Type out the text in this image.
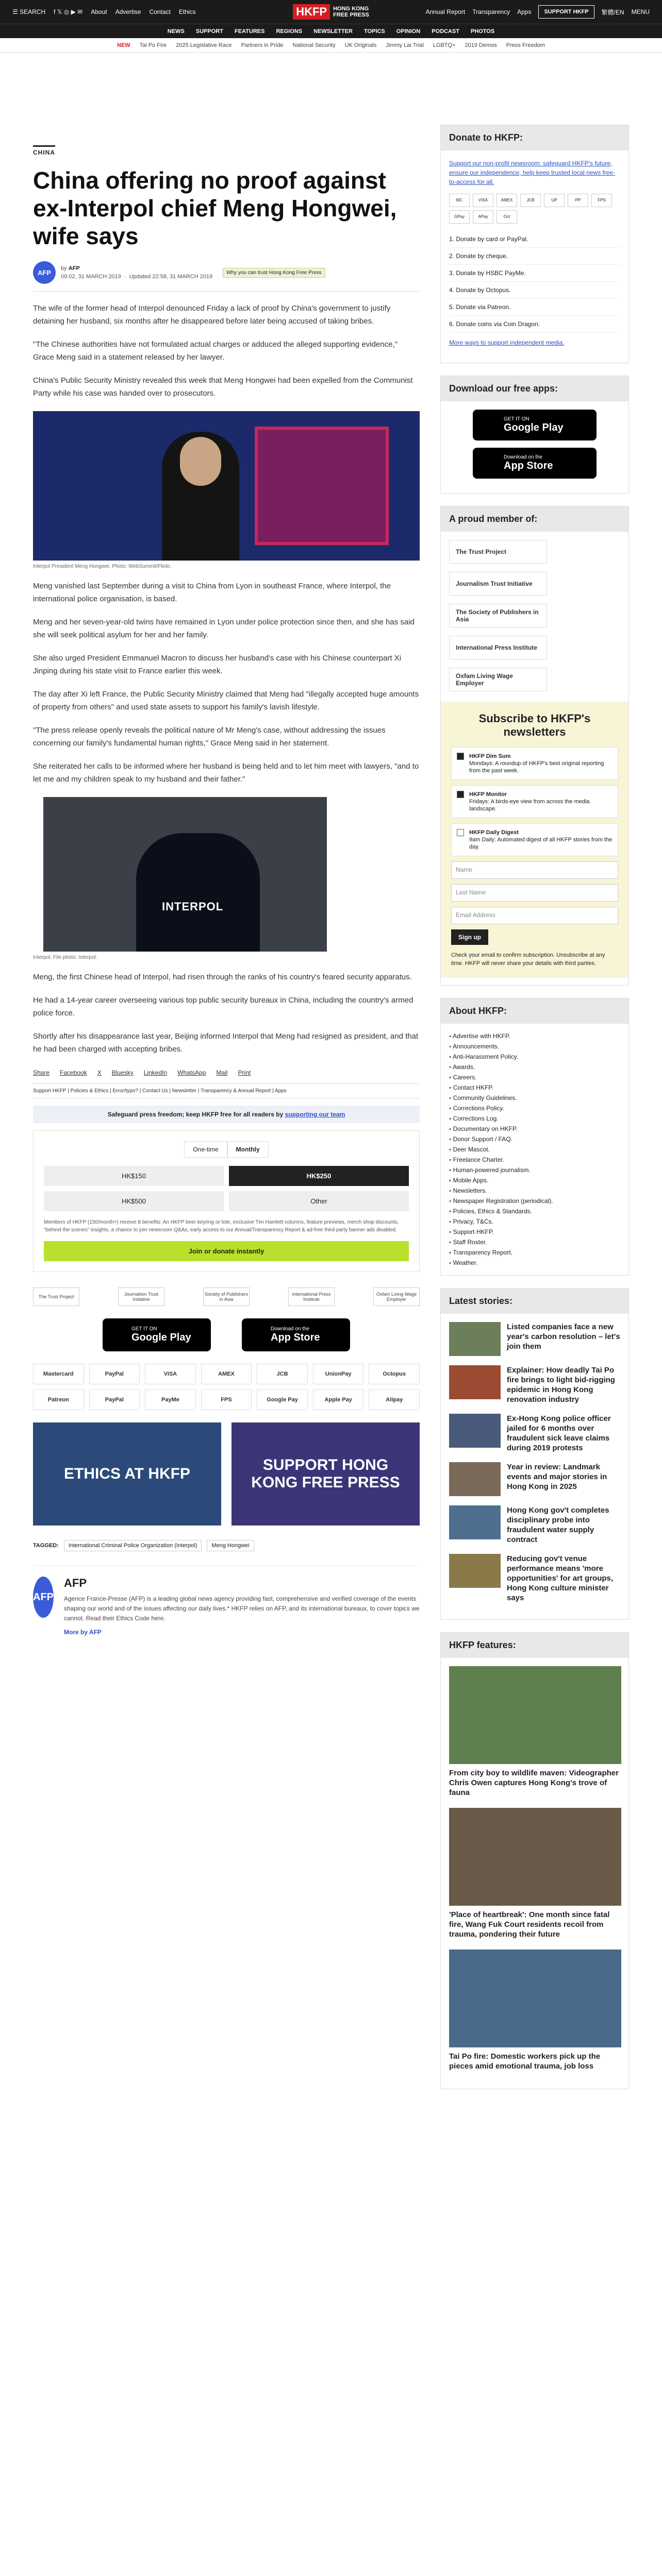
☰ SEARCH f 𝕏 ◎ ▶ ✉ About Advertise Contact Ethics	HKFP	HONG KONG
FREE PRESS	Annual Report Transparency Apps	SUPPORT HKFP	繁體/EN MENU
NEWS SUPPORT FEATURES REGIONS NEWSLETTER TOPICS OPINION PODCAST PHOTOS
NEW Tai Po Fire 2025 Legislative Race Partners in Pride National Security UK Originals Jimmy Lai Trial LGBTQ+ 2019 Demos Press Freedom
CHINA
China offering no proof against ex-Interpol chief Meng Hongwei, wife says
AFP
by AFP
09:02, 31 MARCH 2019  ·  Updated 22:58, 31 MARCH 2019
Why you can trust Hong Kong Free Press

The wife of the former head of Interpol denounced Friday a lack of proof by China's government to justify detaining her husband, six months after he disappeared before later being accused of taking bribes.

"The Chinese authorities have not formulated actual charges or adduced the alleged supporting evidence," Grace Meng said in a statement released by her lawyer.

China's Public Security Ministry revealed this week that Meng Hongwei had been expelled from the Communist Party while his case was handed over to prosecutors.

Interpol President Meng Hongwei. Photo: WebSummit/Flickr.

Meng vanished last September during a visit to China from Lyon in southeast France, where Interpol, the international police organisation, is based.

Meng and her seven-year-old twins have remained in Lyon under police protection since then, and she has said she will seek political asylum for her and her family.

She also urged President Emmanuel Macron to discuss her husband's case with his Chinese counterpart Xi Jinping during his state visit to France earlier this week.

The day after Xi left France, the Public Security Ministry claimed that Meng had "illegally accepted huge amounts of property from others" and used state assets to support his family's lavish lifestyle.

"The press release openly reveals the political nature of Mr Meng's case, without addressing the issues concerning our family's fundamental human rights," Grace Meng said in her statement.

She reiterated her calls to be informed where her husband is being held and to let him meet with lawyers, "and to let me and my children speak to my husband and their father."

INTERPOL
Interpol. File photo: Interpol.

Meng, the first Chinese head of Interpol, had risen through the ranks of his country's feared security apparatus.

He had a 14-year career overseeing various top public security bureaux in China, including the country's armed police force.

Shortly after his disappearance last year, Beijing informed Interpol that Meng had resigned as president, and that he had been charged with accepting bribes.

Share Facebook X Bluesky LinkedIn WhatsApp Mail Print
Support HKFP | Policies & Ethics | Error/typo? | Contact Us | Newsletter | Transparency & Annual Report | Apps
Safeguard press freedom; keep HKFP free for all readers by supporting our team
One-time	Monthly
HK$150	HK$250
HK$500	Other
Members of HKFP (150/month+) receive 8 benefits: An HKFP beer keyring or tote, exclusive Tim Hamlett columns, feature previews, merch shop discounts, "behind the scenes" insights, a chance to join newsroom Q&As, early access to our Annual/Transparency Report & ad-free third-party banner ads disabled.
Join or donate instantly
The Trust Project	Journalism Trust Initiative
Society of Publishers in Asia
International Press Institute
Oxfam Living Wage Employer
GET IT ON
Google Play
Download on the
App Store
Mastercard	PayPal	VISA	AMEX	JCB	UnionPay	Octopus
Patreon	PayPal	PayMe	FPS	Google Pay	Apple Pay	Alipay
ETHICS AT HKFP
SUPPORT HONG KONG FREE PRESS
TAGGED:	International Criminal Police Organization (Interpol)	Meng Hongwei
AFP
AFP

Agence France-Presse (AFP) is a leading global news agency providing fast, comprehensive and verified coverage of the events shaping our world and of the issues affecting our daily lives.* HKFP relies on AFP, and its international bureaux, to cover topics we cannot. Read their Ethics Code here.

More by AFP
Donate to HKFP:
Support our non-profit newsroom: safeguard HKFP's future, ensure our independence, help keep trusted local news free-to-access for all.
MC	VISA	AMEX	JCB	UP	PP	FPS
GPay	APay	Oct
1. Donate by card or PayPal.
2. Donate by cheque.
3. Donate by HSBC PayMe.
4. Donate by Octopus.
5. Donate via Patreon.
6. Donate coins via Coin Dragon.
More ways to support independent media.
Download our free apps:
GET IT ON
Google Play
Download on the
App Store
A proud member of:
The Trust Project
Journalism Trust Initiative
The Society of Publishers in Asia
International Press Institute
Oxfam Living Wage Employer
Subscribe to HKFP's newsletters
HKFP Dim Sum
Mondays: A roundup of HKFP's best original reporting from the past week.
HKFP Monitor
Fridays: A birds-eye view from across the media landscape.
HKFP Daily Digest
9am Daily: Automated digest of all HKFP stories from the day.
Name
Last Name
Email Address
Sign up
Check your email to confirm subscription. Unsubscribe at any time. HKFP will never share your details with third parties.
About HKFP:
▪ Advertise with HKFP.
▪ Announcements.
▪ Anti-Harassment Policy.
▪ Awards.
▪ Careers.
▪ Contact HKFP.
▪ Community Guidelines.
▪ Corrections Policy.
▪ Corrections Log.
▪ Documentary on HKFP.
▪ Donor Support / FAQ.
▪ Deer Mascot.
▪ Freelance Charter.
▪ Human-powered journalism.
▪ Mobile Apps.
▪ Newsletters.
▪ Newspaper Registration (periodical).
▪ Policies, Ethics & Standards.
▪ Privacy, T&Cs.
▪ Support HKFP.
▪ Staff Roster.
▪ Transparency Report.
▪ Weather.
Latest stories:
Listed companies face a new year's carbon resolution – let's join them
Explainer: How deadly Tai Po fire brings to light bid-rigging epidemic in Hong Kong renovation industry
Ex-Hong Kong police officer jailed for 6 months over fraudulent sick leave claims during 2019 protests
Year in review: Landmark events and major stories in Hong Kong in 2025
Hong Kong gov't completes disciplinary probe into fraudulent water supply contract
Reducing gov't venue performance means 'more opportunities' for art groups, Hong Kong culture minister says
HKFP features:
From city boy to wildlife maven: Videographer Chris Owen captures Hong Kong's trove of fauna
'Place of heartbreak': One month since fatal fire, Wang Fuk Court residents recoil from trauma, pondering their future
Tai Po fire: Domestic workers pick up the pieces amid emotional trauma, job loss
